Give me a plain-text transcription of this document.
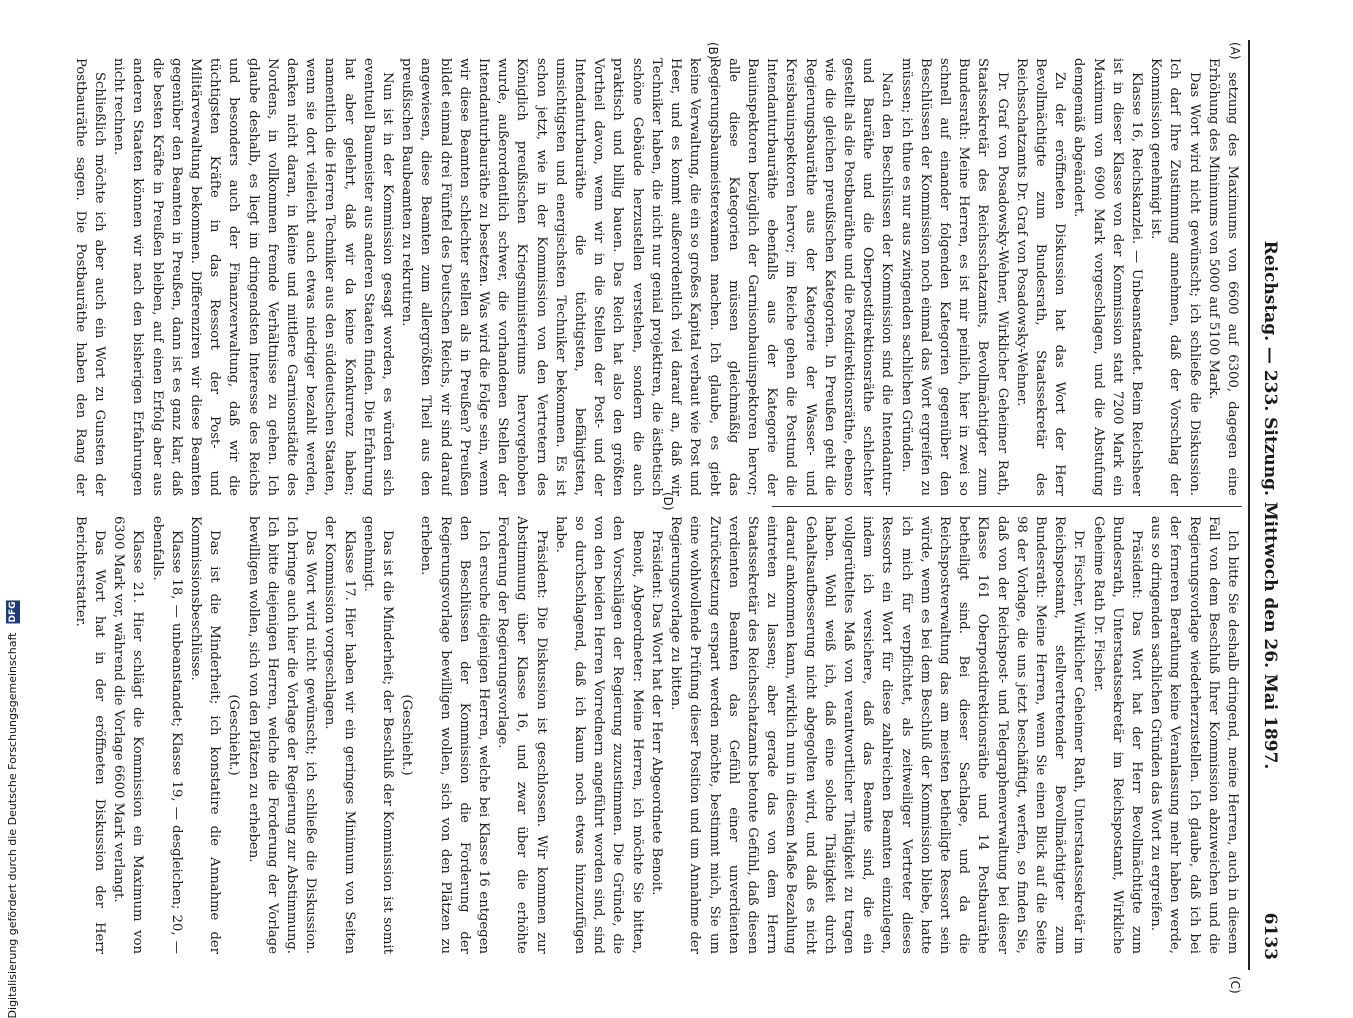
Digitalisierung gefördert durch die Deutsche Forschungsgemeinschaft DFG	Reichstag. — 233. Sitzung. Mittwoch den 26. Mai 1897.
6133
(A)
(B)
(C)
(D)

setzung des Maximums von 6600 auf 6300, dagegen eine Erhöhung des Minimums von 5000 auf 5100 Mark.

Das Wort wird nicht gewünscht; ich schließe die Diskussion. Ich darf Ihre Zustimmung annehmen, daß der Vorschlag der Kommission genehmigt ist.

Klasse 16, Reichskanzlei. — Unbeanstandet. Beim Reichsheer ist in dieser Klasse von der Kommission statt 7200 Mark ein Maximum von 6900 Mark vorgeschlagen, und die Abstufung demgemäß abgeändert.

Zu der eröffneten Diskussion hat das Wort der Herr Bevollmächtigte zum Bundesrath, Staatssekretär des Reichsschatzamts Dr. Graf von Posadowsky-Wehner.

Dr. Graf von Posadowsky-Wehner, Wirklicher Geheimer Rath, Staatssekretär des Reichsschatzamts, Bevollmächtigter zum Bundesrath: Meine Herren, es ist mir peinlich, hier in zwei so schnell auf einander folgenden Kategorien gegenüber den Beschlüssen der Kommission noch einmal das Wort ergreifen zu müssen; ich thue es nur aus zwingenden sachlichen Gründen.

Nach den Beschlüssen der Kommission sind die Intendantur- und Bauräthe und die Oberpostdirektionsräthe schlechter gestellt als die Postbauräthe und die Postdirektionsräthe, ebenso wie die gleichen preußischen Kategorien. In Preußen geht die Regierungsbauräthe aus der Kategorie der Wasser- und Kreisbauinspektoren hervor; im Reiche gehen die Postund die Intendanturbauräthe ebenfalls aus der Kategorie der Bauinspektoren bezüglich der Garnisonbauinspektoren hervor; alle diese Kategorien müssen gleichmäßig das Regierungsbaumeisterexamen machen. Ich glaube, es giebt keine Verwaltung, die ein so großes Kapital verbaut wie Post und Heer, und es kommt außerordentlich viel darauf an, daß wir Techniker haben, die nicht nur genial projektiren, die ästhetisch schöne Gebäude herzustellen verstehen, sondern die auch praktisch und billig bauen. Das Reich hat also den größten Vortheil davon, wenn wir in die Stellen der Post- und der Intendanturbauräthe die tüchtigsten, befähigtsten, umsichtigsten und energischsten Techniker bekommen. Es ist schon jetzt, wie in der Kommission von den Vertretern des Königlich preußischen Kriegsministeriums hervorgehoben wurde, außerordentlich schwer, die vorhandenen Stellen der Intendanturbauräthe zu besetzen. Was wird die Folge sein, wenn wir diese Beamten schlechter stellen als in Preußen? Preußen bildet einmal drei Fünftel des Deutschen Reichs, wir sind darauf angewiesen, diese Beamten zum allergrößten Theil aus den preußischen Baubeamten zu rekrutiren.

Nun ist in der Kommission gesagt worden, es würden sich eventuell Baumeister aus anderen Staaten finden. Die Erfahrung hat aber gelehrt, daß wir da keine Konkurrenz haben; namentlich die Herren Techniker aus den süddeutschen Staaten, wenn sie dort vielleicht auch etwas niedriger bezahlt werden, denken nicht daran, in kleine und mittlere Garnisonstädte des Nordens, in vollkommen fremde Verhältnisse zu gehen. Ich glaube deshalb, es liegt im dringendsten Interesse des Reichs und besonders auch der Finanzverwaltung, daß wir die tüchtigsten Kräfte in das Ressort der Post- und Militärverwaltung bekommen. Differenziren wir diese Beamten gegenüber den Beamten in Preußen, dann ist es ganz klar, daß die besten Kräfte in Preußen bleiben, auf einen Erfolg aber aus anderen Staaten können wir nach den bisherigen Erfahrungen nicht rechnen.

Schließlich möchte ich aber auch ein Wort zu Gunsten der Postbauräthe sagen. Die Postbauräthe haben den Rang der

Ich bitte Sie deshalb dringend, meine Herren, auch in diesem Fall von dem Beschluß Ihrer Kommission abzuweichen und die Regierungsvorlage wiederherzustellen. Ich glaube, daß ich bei der ferneren Berathung keine Veranlassung mehr haben werde, aus so dringenden sachlichen Gründen das Wort zu ergreifen.

Präsident: Das Wort hat der Herr Bevollmächtigte zum Bundesrath, Unterstaatssekretär im Reichspostamt, Wirkliche Geheime Rath Dr. Fischer.

Dr. Fischer, Wirklicher Geheimer Rath, Unterstaatssekretär im Reichspostamt, stellvertretender Bevollmächtigter zum Bundesrath: Meine Herren, wenn Sie einen Blick auf die Seite 98 der Vorlage, die uns jetzt beschäftigt, werfen, so finden Sie, daß von der Reichspost- und Telegraphenverwaltung bei dieser Klasse 161 Oberpostdirektionsräthe und 14 Postbauräthe betheiligt sind. Bei dieser Sachlage, und da die Reichspostverwaltung das am meisten betheiligte Ressort sein würde, wenn es bei dem Beschluß der Kommission bliebe, hatte ich mich für verpflichtet, als zeitweiliger Vertreter dieses Ressorts ein Wort für diese zahlreichen Beamten einzulegen, indem ich versichere, daß das Beamte sind, die ein vollgerütteltes Maß von verantwortlicher Thätigkeit zu tragen haben. Wohl weiß ich, daß eine solche Thätigkeit durch Gehaltsaufbesserung nicht abgegolten wird, und daß es nicht darauf ankommen kann, wirklich nun in diesem Maße Bezahlung eintreten zu lassen; aber gerade das von dem Herrn Staatssekretär des Reichsschatzamts betonte Gefühl, daß diesen verdienten Beamten das Gefühl einer unverdienten Zurücksetzung erspart werden möchte, bestimmt mich, Sie um eine wohlwollende Prüfung dieser Position und um Annahme der Regierungsvorlage zu bitten.

Präsident: Das Wort hat der Herr Abgeordnete Benoit.

Benoit, Abgeordneter: Meine Herren, ich möchte Sie bitten, den Vorschlägen der Regierung zuzustimmen. Die Gründe, die von den beiden Herren Vorrednern angeführt worden sind, sind so durchschlagend, daß ich kaum noch etwas hinzuzufügen habe.

Präsident: Die Diskussion ist geschlossen. Wir kommen zur Abstimmung über Klasse 16, und zwar über die erhöhte Forderung der Regierungsvorlage.

Ich ersuche diejenigen Herren, welche bei Klasse 16 entgegen den Beschlüssen der Kommission die Forderung der Regierungsvorlage bewilligen wollen, sich von den Plätzen zu erheben.

(Geschieht.)

Das ist die Minderheit; der Beschluß der Kommission ist somit genehmigt.

Klasse 17. Hier haben wir ein geringes Minimum von Seiten der Kommission vorgeschlagen.

Das Wort wird nicht gewünscht; ich schließe die Diskussion. Ich bringe auch hier die Vorlage der Regierung zur Abstimmung. Ich bitte diejenigen Herren, welche die Forderung der Vorlage bewilligen wollen, sich von den Plätzen zu erheben.

(Geschieht.)

Das ist die Minderheit; ich konstatire die Annahme der Kommissionsbeschlüsse.

Klasse 18, — unbeanstandet; Klasse 19, — desgleichen; 20, — ebenfalls.

Klasse 21. Hier schlägt die Kommission ein Maximum von 6300 Mark vor, während die Vorlage 6600 Mark verlangt.

Das Wort hat in der eröffneten Diskussion der Herr Berichterstatter.
